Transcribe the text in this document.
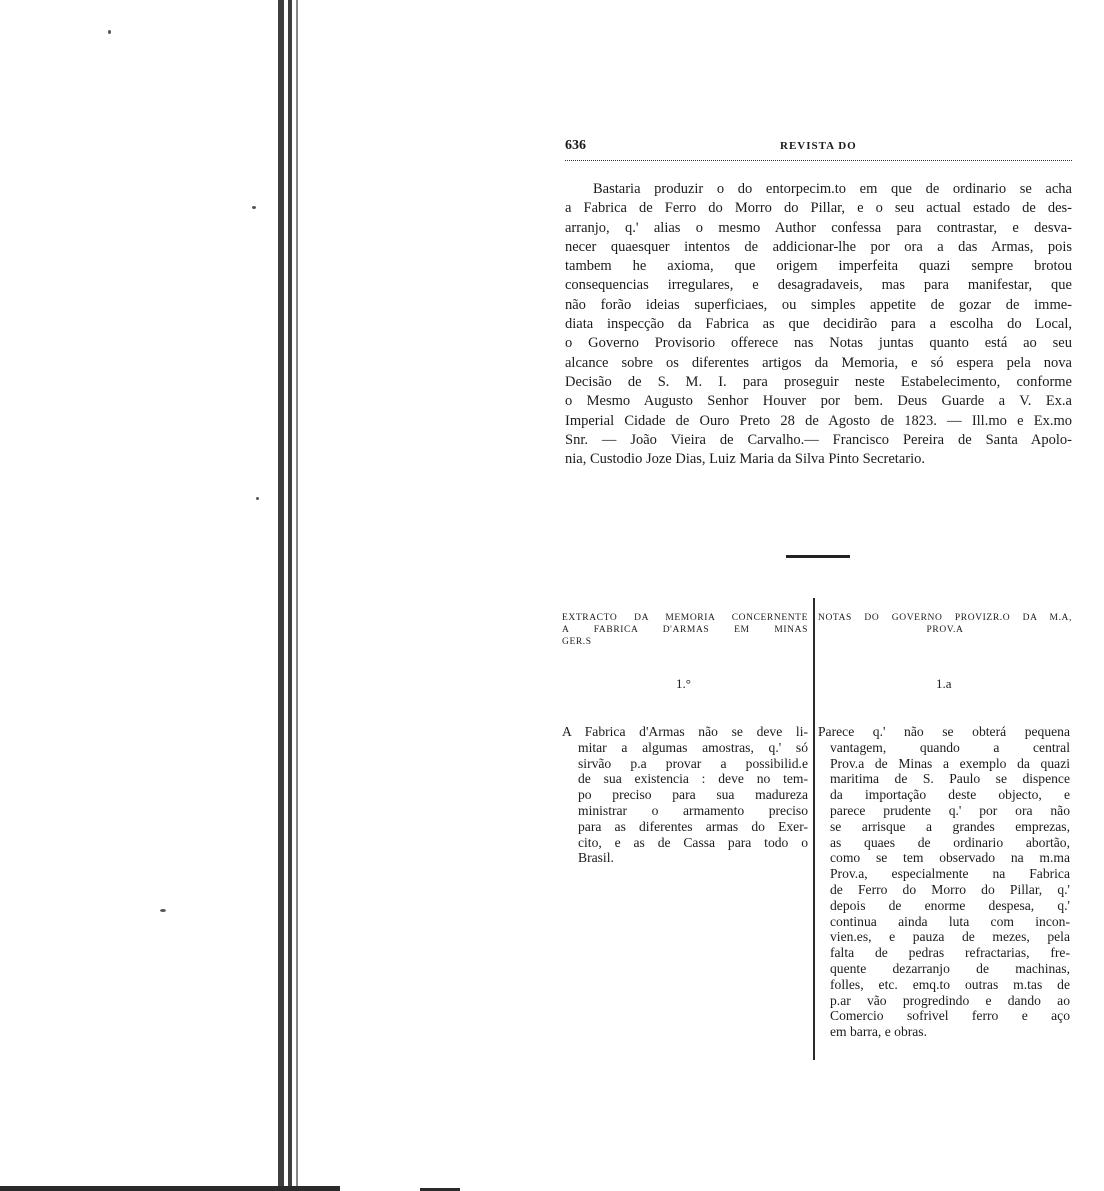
636	REVISTA DO
Bastaria produzir o do entorpecim.to em que de ordinario se acha
a Fabrica de Ferro do Morro do Pillar, e o seu actual estado de des-
arranjo, q.' alias o mesmo Author confessa para contrastar, e desva-
necer quaesquer intentos de addicionar-lhe por ora a das Armas, pois
tambem he axioma, que origem imperfeita quazi sempre brotou
consequencias irregulares, e desagradaveis, mas para manifestar, que
não forão ideias superficiaes, ou simples appetite de gozar de imme-
diata inspecção da Fabrica as que decidirão para a escolha do Local,
o Governo Provisorio offerece nas Notas juntas quanto está ao seu
alcance sobre os diferentes artigos da Memoria, e só espera pela nova
Decisão de S. M. I. para proseguir neste Estabelecimento, conforme
o Mesmo Augusto Senhor Houver por bem. Deus Guarde a V. Ex.a
Imperial Cidade de Ouro Preto 28 de Agosto de 1823. — Ill.mo e Ex.mo
Snr. — João Vieira de Carvalho.— Francisco Pereira de Santa Apolo-
nia, Custodio Joze Dias, Luiz Maria da Silva Pinto Secretario.
EXTRACTO DA MEMORIA CONCERNENTE
A FABRICA D'ARMAS EM MINAS
GER.S
NOTAS DO GOVERNO PROVIZR.O DA M.A,
PROV.A
1.°	1.a
A Fabrica d'Armas não se deve li-
mitar a algumas amostras, q.' só
sirvão p.a provar a possibilid.e
de sua existencia : deve no tem-
po preciso para sua madureza
ministrar o armamento preciso
para as diferentes armas do Exer-
cito, e as de Cassa para todo o
Brasil.
Parece q.' não se obterá pequena
vantagem, quando a central
Prov.a de Minas a exemplo da quazi
maritima de S. Paulo se dispence
da importação deste objecto, e
parece prudente q.' por ora não
se arrisque a grandes emprezas,
as quaes de ordinario abortão,
como se tem observado na m.ma
Prov.a, especialmente na Fabrica
de Ferro do Morro do Pillar, q.'
depois de enorme despesa, q.'
continua ainda luta com incon-
vien.es, e pauza de mezes, pela
falta de pedras refractarias, fre-
quente dezarranjo de machinas,
folles, etc. emq.to outras m.tas de
p.ar vão progredindo e dando ao
Comercio sofrivel ferro e aço
em barra, e obras.
